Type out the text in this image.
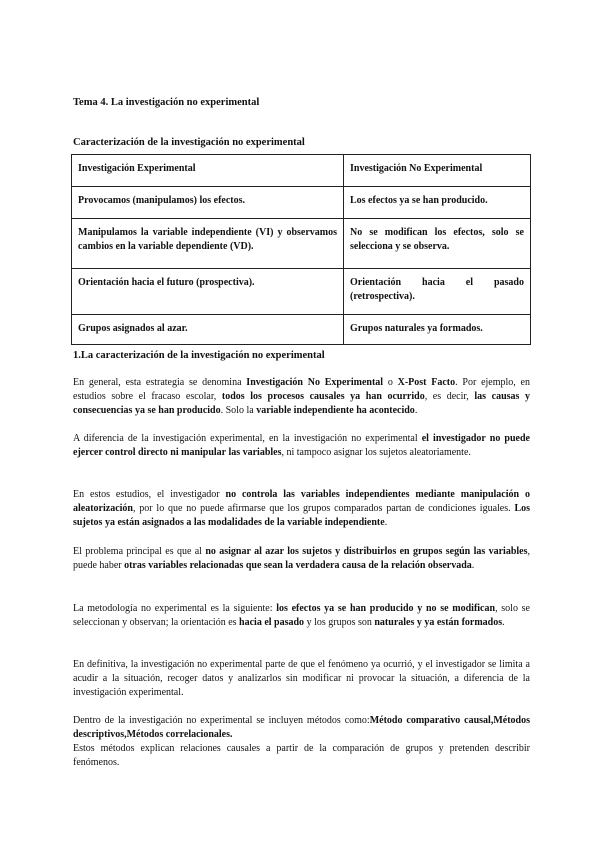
Tema 4. La investigación no experimental
Caracterización de la investigación no experimental
Investigación Experimental	Investigación No Experimental
Provocamos (manipulamos) los efectos.	Los efectos ya se han producido.
Manipulamos la variable independiente (VI) y observamos cambios en la variable dependiente (VD).	No se modifican los efectos, solo se selecciona y se observa.
Orientación hacia el futuro (prospectiva).	Orientación hacia el pasado (retrospectiva).
Grupos asignados al azar.	Grupos naturales ya formados.
1.La caracterización de la investigación no experimental

En general, esta estrategia se denomina Investigación No Experimental o X-Post Facto. Por ejemplo, en estudios sobre el fracaso escolar, todos los procesos causales ya han ocurrido, es decir, las causas y consecuencias ya se han producido. Solo la variable independiente ha acontecido.

A diferencia de la investigación experimental, en la investigación no experimental el investigador no puede ejercer control directo ni manipular las variables, ni tampoco asignar los sujetos aleatoriamente.

En estos estudios, el investigador no controla las variables independientes mediante manipulación o aleatorización, por lo que no puede afirmarse que los grupos comparados partan de condiciones iguales. Los sujetos ya están asignados a las modalidades de la variable independiente.

El problema principal es que al no asignar al azar los sujetos y distribuirlos en grupos según las variables, puede haber otras variables relacionadas que sean la verdadera causa de la relación observada.

La metodología no experimental es la siguiente: los efectos ya se han producido y no se modifican, solo se seleccionan y observan; la orientación es hacia el pasado y los grupos son naturales y ya están formados.

En definitiva, la investigación no experimental parte de que el fenómeno ya ocurrió, y el investigador se limita a acudir a la situación, recoger datos y analizarlos sin modificar ni provocar la situación, a diferencia de la investigación experimental.

Dentro de la investigación no experimental se incluyen métodos como:Método comparativo causal,Métodos descriptivos,Métodos correlacionales.
Estos métodos explican relaciones causales a partir de la comparación de grupos y pretenden describir fenómenos.
